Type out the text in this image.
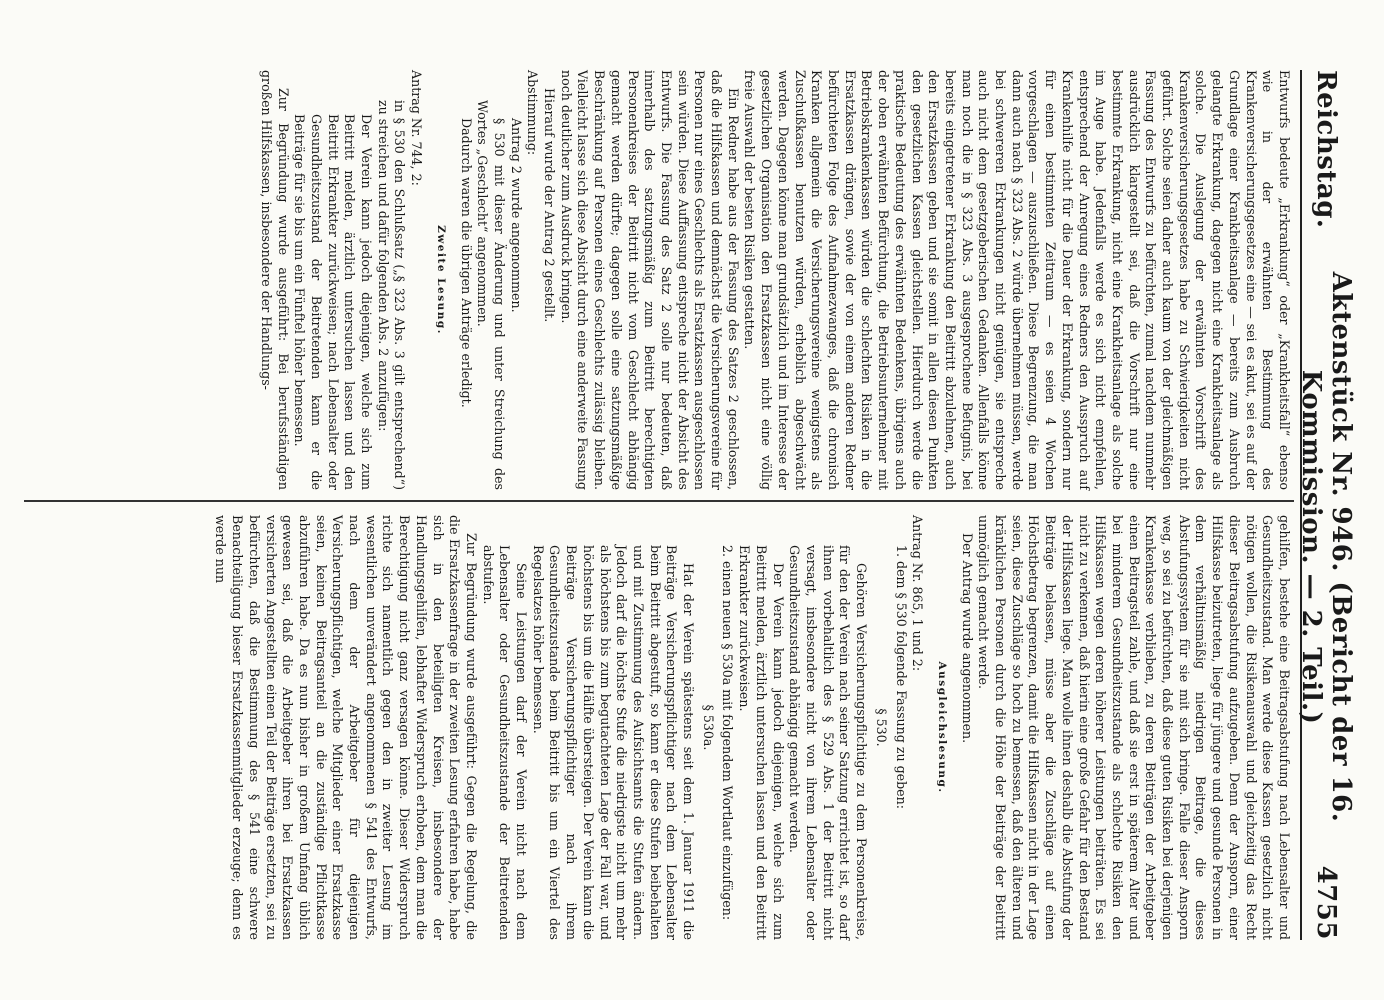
Reichstag.
Aktenstück Nr. 946. (Bericht der 16. Kommission. — 2. Teil.)
4755

Entwurfs bedeute „Erkrankung“ oder „Krankheitsfall“ ebenso wie in der erwähnten Bestimmung des Krankenversicherungsgesetzes eine — sei es akut, sei es auf der Grundlage einer Krankheitsanlage — bereits zum Ausbruch gelangte Erkrankung, dagegen nicht eine Krankheitsanlage als solche. Die Auslegung der erwähnten Vorschrift des Krankenversicherungsgesetzes habe zu Schwierigkeiten nicht geführt. Solche seien daher auch kaum von der gleichmäßigen Fassung des Entwurfs zu befürchten, zumal nachdem nunmehr ausdrücklich klargestellt sei, daß die Vorschrift nur eine bestimmte Erkrankung, nicht eine Krankheitsanlage als solche im Auge habe. Jedenfalls werde es sich nicht empfehlen, entsprechend der Anregung eines Redners den Ausspruch auf Krankenhilfe nicht für die Dauer der Erkrankung, sondern nur für einen bestimmten Zeitraum — es seien 4 Wochen vorgeschlagen — auszuschließen. Diese Begrenzung, die man dann auch nach § 323 Abs. 2 würde übernehmen müssen, werde bei schwereren Erkrankungen nicht genügen, sie entspreche auch nicht dem gesetzgeberischen Gedanken. Allenfalls könne man noch die in § 323 Abs. 3 ausgesprochene Befugnis, bei bereits eingetretener Erkrankung den Beitritt abzulehnen, auch den Ersatzkassen geben und sie somit in allen diesen Punkten den gesetzlichen Kassen gleichstellen. Hierdurch werde die praktische Bedeutung des erwähnten Bedenkens, übrigens auch der oben erwähnten Befürchtung, die Betriebsunternehmer mit Betriebskrankenkassen würden die schlechten Risiken in die Ersatzkassen drängen, sowie der von einem anderen Redner befürchteten Folge des Aufnahmezwanges, daß die chronisch Kranken allgemein die Versicherungsvereine wenigstens als Zuschußkassen benutzen würden, erheblich abgeschwächt werden. Dagegen könne man grundsätzlich und im Interesse der gesetzlichen Organisation den Ersatzkassen nicht eine völlig freie Auswahl der besten Risiken gestatten.

Ein Redner habe aus der Fassung des Satzes 2 geschlossen, daß die Hilfskassen und demnächst die Versicherungsvereine für Personen nur eines Geschlechts als Ersatzkassen ausgeschlossen sein würden. Diese Auffassung entspreche nicht der Absicht des Entwurfs. Die Fassung des Satz 2 solle nur bedeuten, daß innerhalb des satzungsmäßig zum Beitritt berechtigten Personenkreises der Beitritt nicht vom Geschlecht abhängig gemacht werden dürfte; dagegen solle eine satzungsmäßige Beschränkung auf Personen eines Geschlechts zulässig bleiben. Vielleicht lasse sich diese Absicht durch eine anderweite Fassung noch deutlicher zum Ausdruck bringen.

Hierauf wurde der Antrag 2 gestellt.

Abstimmung:

Antrag 2 wurde angenommen.

§ 530 mit dieser Änderung und unter Streichung des Wortes „Geschlecht“ angenommen.

Dadurch waren die übrigen Anträge erledigt.

Zweite Lesung.

Antrag Nr. 744, 2:

in § 530 den Schlußsatz („§ 323 Abs. 3 gilt entsprechend“) zu streichen und dafür folgenden Abs. 2 anzufügen:

Der Verein kann jedoch diejenigen, welche sich zum Beitritt melden, ärztlich untersuchen lassen und den Beitritt Erkrankter zurückweisen; nach Lebensalter oder Gesundheitszustand der Beitretenden kann er die Beiträge für sie bis um ein Fünftel höher bemessen.

Zur Begründung wurde ausgeführt: Bei berufsständigen großen Hilfskassen, insbesondere der Handlungs-

gehilfen, bestehe eine Beitragsabstufung nach Lebensalter und Gesundheitszustand. Man werde diese Kassen gesetzlich nicht nötigen wollen, die Risikenauswahl und gleichzeitig das Recht dieser Beitragsabstufung aufzugeben. Denn der Ansporn, einer Hilfskasse beizutreten, liege für jüngere und gesunde Personen in dem verhältnismäßig niedrigen Beitrage, die dieses Abstufungssystem für sie mit sich bringe. Falle dieser Ansporn weg, so sei zu befürchten, daß diese guten Risiken bei derjenigen Krankenkasse verblieben, zu deren Beiträgen der Arbeitgeber einen Beitragsteil zahle, und daß sie erst in späterem Alter und bei minderem Gesundheitszustande als schlechte Risiken den Hilfskassen wegen deren höherer Leistungen beiträten. Es sei nicht zu verkennen, daß hierin eine große Gefahr für den Bestand der Hilfskassen liege. Man wolle ihnen deshalb die Abstufung der Beiträge belassen, müsse aber die Zuschläge auf einen Höchstbetrag begrenzen, damit die Hilfskassen nicht in der Lage seien, diese Zuschläge so hoch zu bemessen, daß den älteren und kränklichen Personen durch die Höhe der Beiträge der Beitritt unmöglich gemacht werde.

Der Antrag wurde angenommen.

Ausgleichslesung.

Antrag Nr. 865, 1 und 2:

1. dem § 530 folgende Fassung zu geben:

§ 530.

Gehören Versicherungspflichtige zu dem Personenkreise, für den der Verein nach seiner Satzung errichtet ist, so darf ihnen vorbehaltlich des § 529 Abs. 1 der Beitritt nicht versagt, insbesondere nicht von ihrem Lebensalter oder Gesundheitszustand abhängig gemacht werden.

Der Verein kann jedoch diejenigen, welche sich zum Beitritt melden, ärztlich untersuchen lassen und den Beitritt Erkrankter zurückweisen.

2. einen neuen § 530a mit folgendem Wortlaut einzufügen:

§ 530a.

Hat der Verein spätestens seit dem 1. Januar 1911 die Beiträge Versicherungspflichtiger nach dem Lebensalter beim Beitritt abgestuft, so kann er diese Stufen beibehalten und mit Zustimmung des Aufsichtsamts die Stufen ändern. Jedoch darf die höchste Stufe die niedrigste nicht um mehr als höchstens bis zum begutachteten Lage der Fall war, und höchstens bis um die Hälfte übersteigen. Der Verein kann die Beiträge Versicherungspflichtiger nach ihrem Gesundheitszustande beim Beitritt bis um ein Viertel des Regelsatzes höher bemessen.

Seine Leistungen darf der Verein nicht nach dem Lebensalter oder Gesundheitszustande der Beitretenden abstufen.

Zur Begründung wurde ausgeführt: Gegen die Regelung, die die Ersatzkassenfrage in der zweiten Lesung erfahren habe, habe sich in den beteiligten Kreisen, insbesondere der Handlungsgehilfen, lebhafter Widerspruch erhoben, dem man die Berechtigung nicht ganz versagen könne. Dieser Widerspruch richte sich namentlich gegen den in zweiter Lesung im wesentlichen unverändert angenommenen § 541 des Entwurfs, nach dem der Arbeitgeber für diejenigen Versicherungspflichtigen, welche Mitglieder einer Ersatzkasse seien, keinen Beitragsanteil an die zuständige Pflichtkasse abzuführen habe. Da es nun bisher in großem Umfang üblich gewesen sei, daß die Arbeitgeber ihren bei Ersatzkassen versicherten Angestellten einen Teil der Beiträge ersetzten, sei zu befürchten, daß die Bestimmung des § 541 eine schwere Benachteiligung bieser Ersatzkassenmitglieder erzeuge; denn es werde nun
